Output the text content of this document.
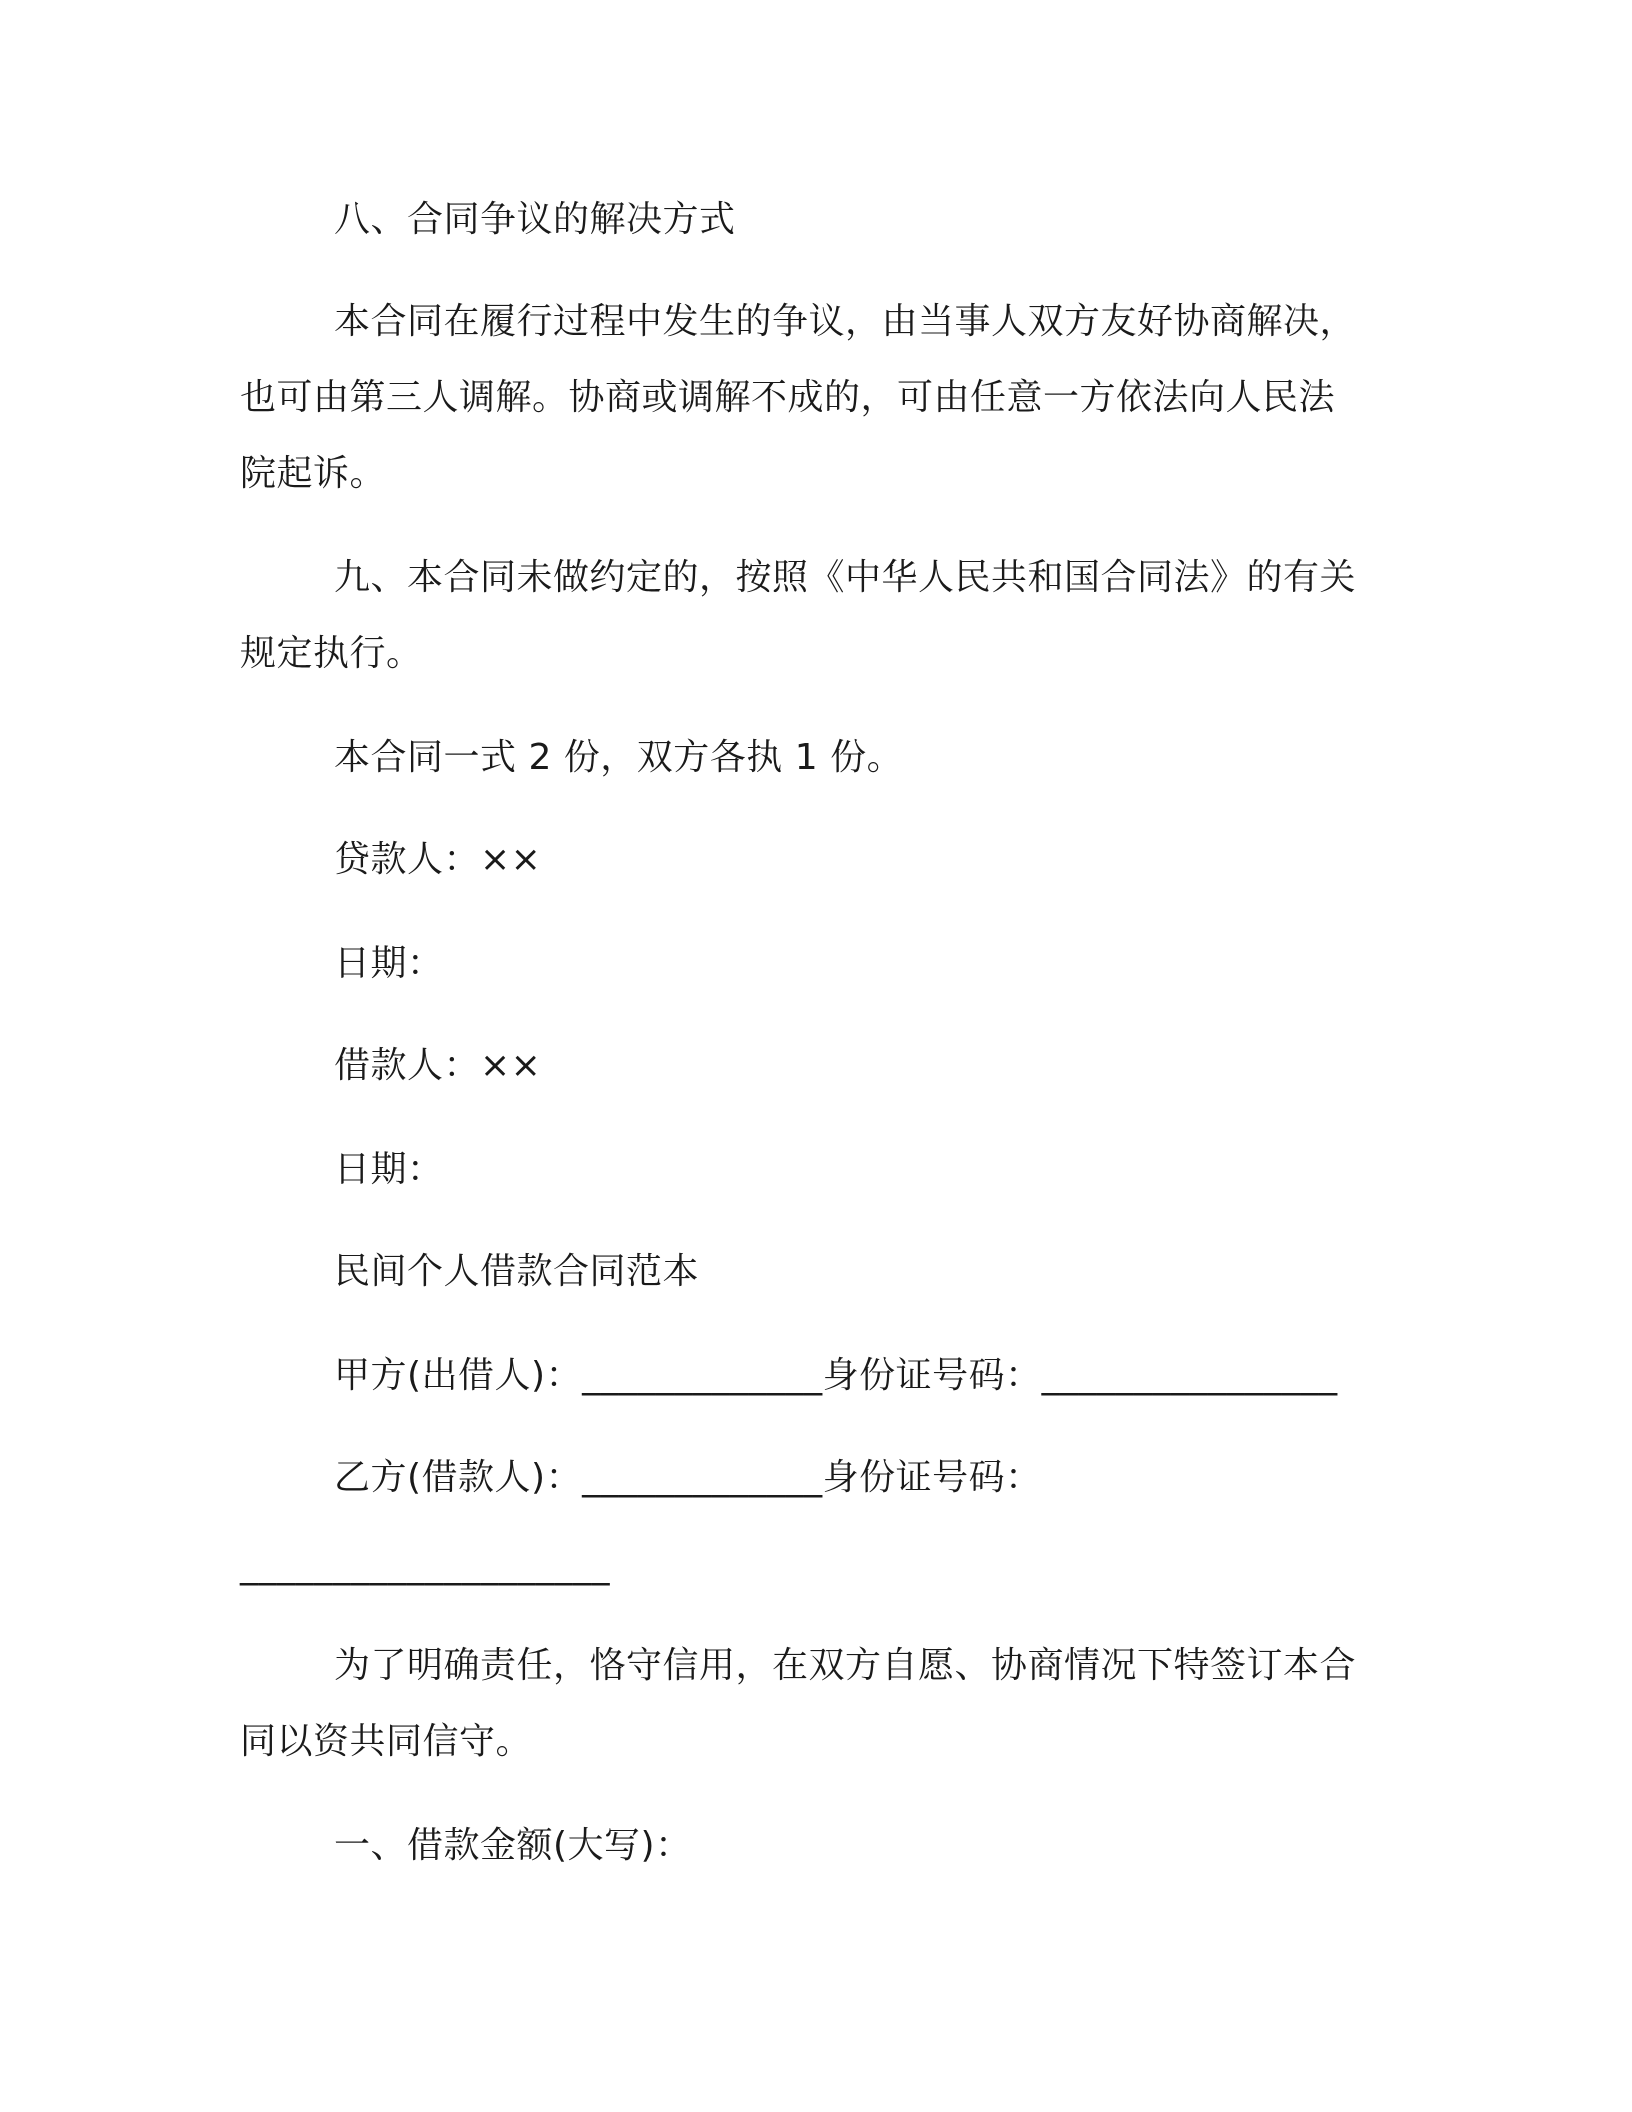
八、合同争议的解决方式
本合同在履行过程中发生的争议，由当事人双方友好协商解决，
也可由第三人调解。协商或调解不成的，可由任意一方依法向人民法
院起诉。
九、本合同未做约定的，按照《中华人民共和国合同法》的有关
规定执行。
本合同一式 2 份，双方各执 1 份。
贷款人：××
日期：
借款人：××
日期：
民间个人借款合同范本
甲方(出借人)：_____________身份证号码：________________
乙方(借款人)：_____________身份证号码：
____________________
为了明确责任，恪守信用，在双方自愿、协商情况下特签订本合
同以资共同信守。
一、借款金额(大写)：
